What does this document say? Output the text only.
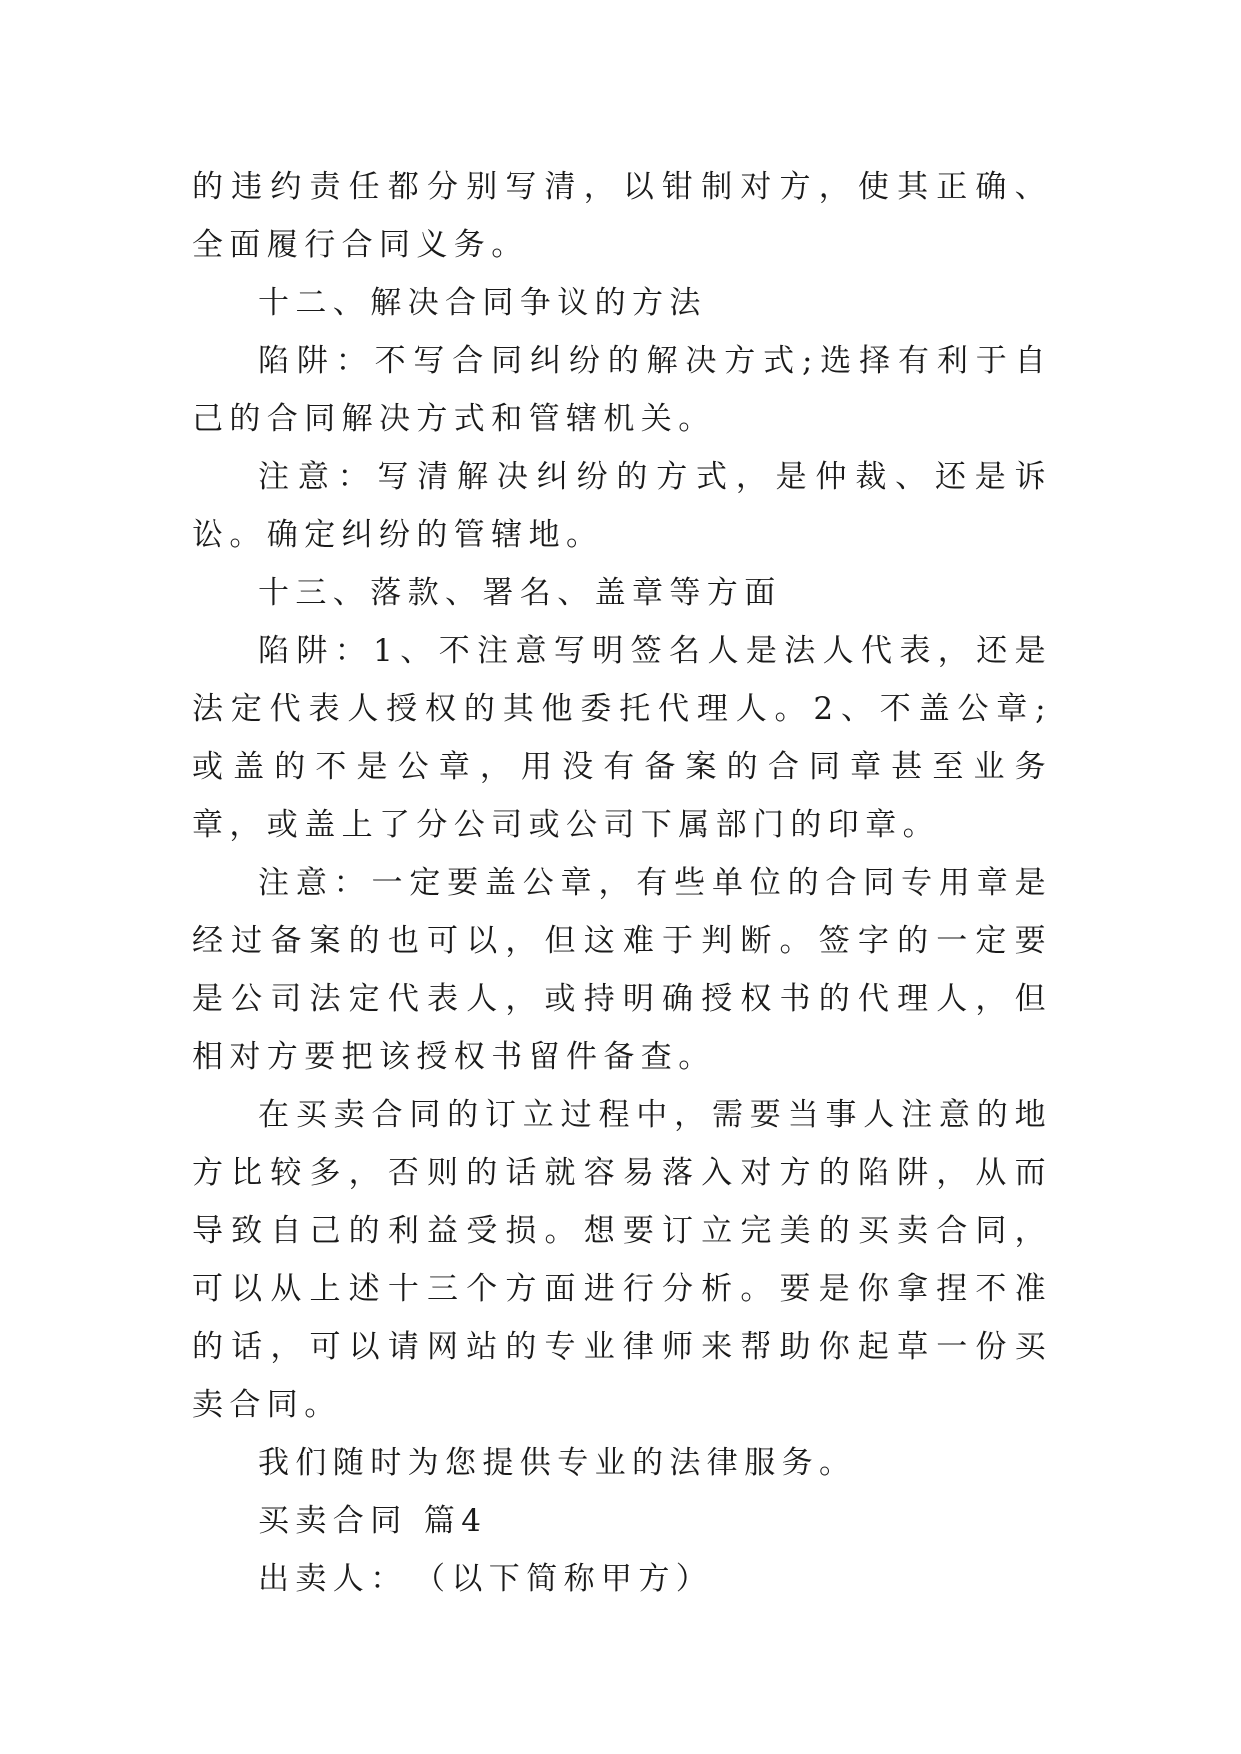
的违约责任都分别写清，以钳制对方，使其正确、全面履行合同义务。

十二、解决合同争议的方法

陷阱：不写合同纠纷的解决方式;选择有利于自己的合同解决方式和管辖机关。

注意：写清解决纠纷的方式，是仲裁、还是诉讼。确定纠纷的管辖地。

十三、落款、署名、盖章等方面

陷阱：1、不注意写明签名人是法人代表，还是法定代表人授权的其他委托代理人。2、不盖公章;或盖的不是公章，用没有备案的合同章甚至业务章，或盖上了分公司或公司下属部门的印章。

注意：一定要盖公章，有些单位的合同专用章是经过备案的也可以，但这难于判断。签字的一定要是公司法定代表人，或持明确授权书的代理人，但相对方要把该授权书留件备查。

在买卖合同的订立过程中，需要当事人注意的地方比较多，否则的话就容易落入对方的陷阱，从而导致自己的利益受损。想要订立完美的买卖合同，可以从上述十三个方面进行分析。要是你拿捏不准的话，可以请网站的专业律师来帮助你起草一份买卖合同。

我们随时为您提供专业的法律服务。

买卖合同 篇4

出卖人：　（以下简称甲方）
